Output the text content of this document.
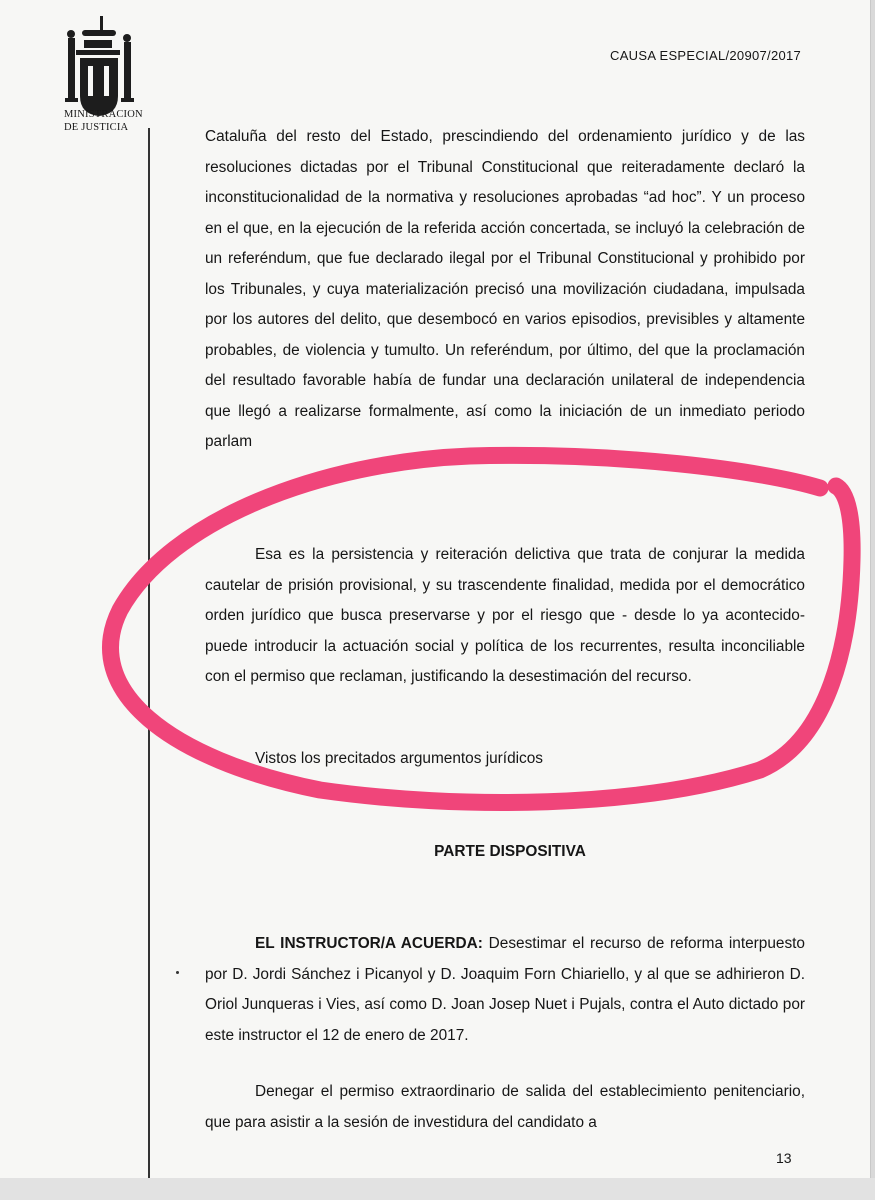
MINISTRACION
DE JUSTICIA
CAUSA ESPECIAL/20907/2017
Cataluña del resto del Estado, prescindiendo del ordenamiento jurídico y de las resoluciones dictadas por el Tribunal Constitucional que reiteradamente declaró la inconstitucionalidad de la normativa y resoluciones aprobadas “ad hoc”. Y un proceso en el que, en la ejecución de la referida acción concertada, se incluyó la celebración de un referéndum, que fue declarado ilegal por el Tribunal Constitucional y prohibido por los Tribunales, y cuya materialización precisó una movilización ciudadana, impulsada por los autores del delito, que desembocó en varios episodios, previsibles y altamente probables, de violencia y tumulto. Un referéndum, por último, del que la proclamación del resultado favorable había de fundar una declaración unilateral de independencia que llegó a realizarse formalmente, así como la iniciación de un inmediato periodo parlam
Esa es la persistencia y reiteración delictiva que trata de conjurar la medida cautelar de prisión provisional, y su trascendente finalidad, medida por el democrático orden jurídico que busca preservarse y por el riesgo que - desde lo ya acontecido- puede introducir la actuación social y política de los recurrentes, resulta inconciliable con el permiso que reclaman, justificando la desestimación del recurso.
Vistos los precitados argumentos jurídicos
PARTE DISPOSITIVA
EL INSTRUCTOR/A ACUERDA: Desestimar el recurso de reforma interpuesto por D. Jordi Sánchez i Picanyol y D. Joaquim Forn Chiariello, y al que se adhirieron D. Oriol Junqueras i Vies, así como D. Joan Josep Nuet i Pujals, contra el Auto dictado por este instructor el 12 de enero de 2017.
Denegar el permiso extraordinario de salida del establecimiento penitenciario, que para asistir a la sesión de investidura del candidato a
13
